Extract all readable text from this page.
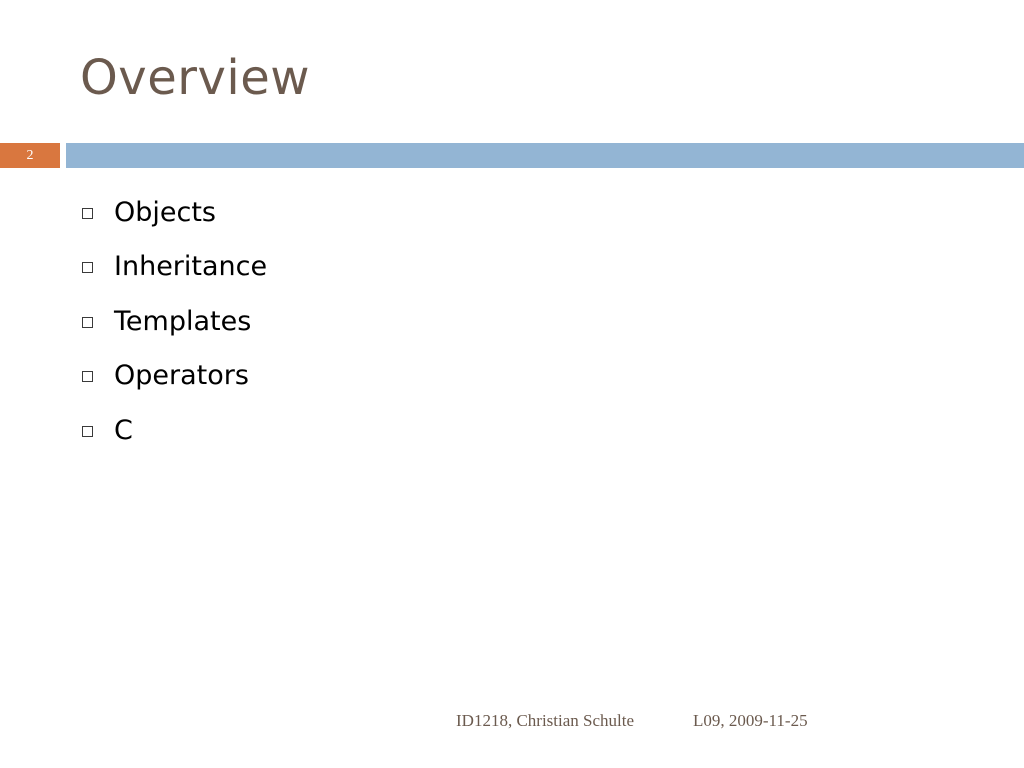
Overview
2
Objects
Inheritance
Templates
Operators
C
ID1218, Christian Schulte	L09, 2009-11-25
